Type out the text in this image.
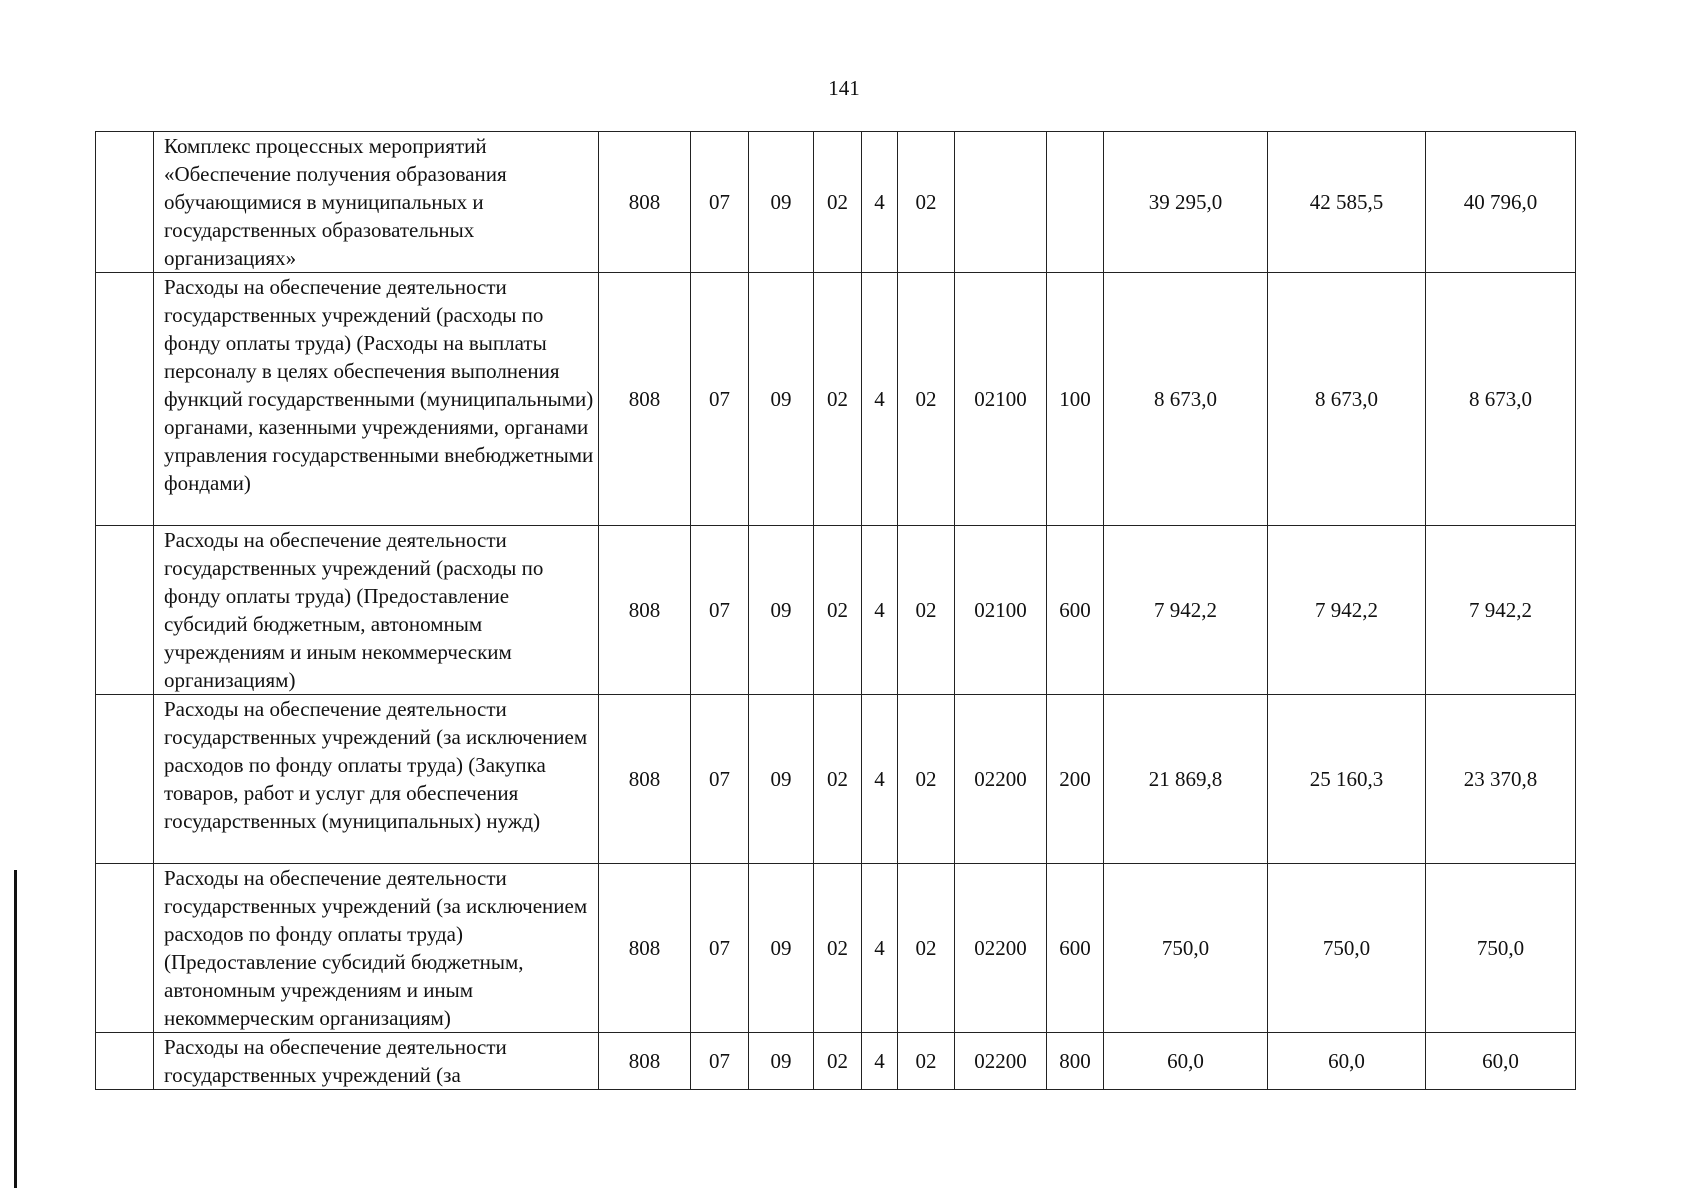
141
	Комплекс процессных мероприятий «Обеспечение получения образования обучающимися в муниципальных и государственных образовательных организациях»	808	07	09	02	4	02			39 295,0	42 585,5	40 796,0
	Расходы на обеспечение деятельности государственных учреждений (расходы по фонду оплаты труда) (Расходы на выплаты персоналу в целях обеспечения выполнения функций государственными (муниципальными) органами, казенными учреждениями, органами управления государственными внебюджетными фондами)	808	07	09	02	4	02	02100	100	8 673,0	8 673,0	8 673,0
	Расходы на обеспечение деятельности государственных учреждений (расходы по фонду оплаты труда) (Предоставление субсидий бюджетным, автономным учреждениям и иным некоммерческим организациям)	808	07	09	02	4	02	02100	600	7 942,2	7 942,2	7 942,2
	Расходы на обеспечение деятельности государственных учреждений (за исключением расходов по фонду оплаты труда) (Закупка товаров, работ и услуг для обеспечения государственных (муниципальных) нужд)	808	07	09	02	4	02	02200	200	21 869,8	25 160,3	23 370,8
	Расходы на обеспечение деятельности государственных учреждений (за исключением расходов по фонду оплаты труда) (Предоставление субсидий бюджетным, автономным учреждениям и иным некоммерческим организациям)	808	07	09	02	4	02	02200	600	750,0	750,0	750,0
	Расходы на обеспечение деятельности государственных учреждений (за	808	07	09	02	4	02	02200	800	60,0	60,0	60,0
